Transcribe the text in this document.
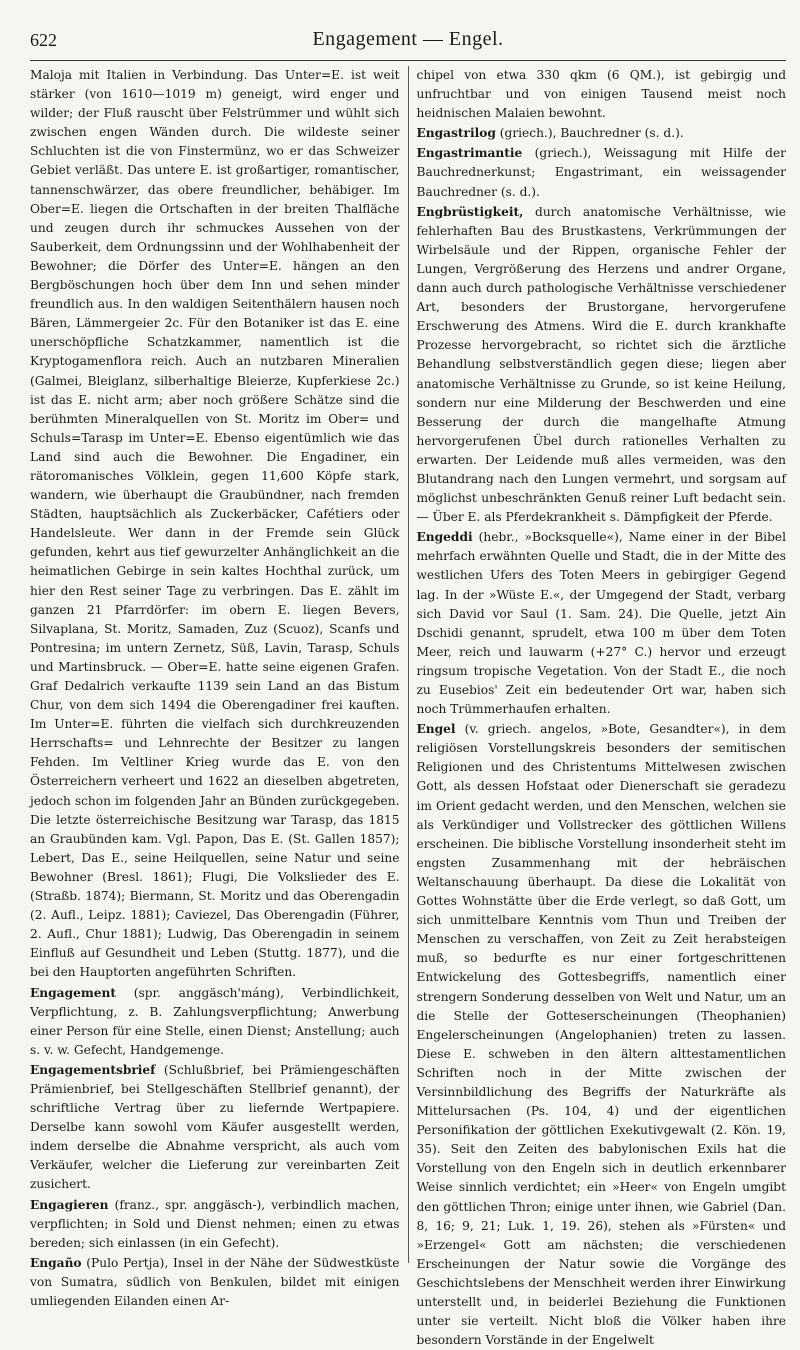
622	Engagement — Engel.

Maloja mit Italien in Verbindung. Das Unter=E. ist weit stärker (von 1610—1019 m) geneigt, wird enger und wilder; der Fluß rauscht über Felstrümmer und wühlt sich zwischen engen Wänden durch. Die wildeste seiner Schluchten ist die von Finstermünz, wo er das Schweizer Gebiet verläßt. Das untere E. ist großartiger, romantischer, tannenschwärzer, das obere freundlicher, behäbiger. Im Ober=E. liegen die Ortschaften in der breiten Thalfläche und zeugen durch ihr schmuckes Aussehen von der Sauberkeit, dem Ordnungssinn und der Wohlhabenheit der Bewohner; die Dörfer des Unter=E. hängen an den Bergböschungen hoch über dem Inn und sehen minder freundlich aus. In den waldigen Seitenthälern hausen noch Bären, Lämmergeier 2c. Für den Botaniker ist das E. eine unerschöpfliche Schatzkammer, namentlich ist die Kryptogamenflora reich. Auch an nutzbaren Mineralien (Galmei, Bleiglanz, silberhaltige Bleierze, Kupferkiese 2c.) ist das E. nicht arm; aber noch größere Schätze sind die berühmten Mineralquellen von St. Moritz im Ober= und Schuls=Tarasp im Unter=E. Ebenso eigentümlich wie das Land sind auch die Bewohner. Die Engadiner, ein rätoromanisches Völklein, gegen 11,600 Köpfe stark, wandern, wie überhaupt die Graubündner, nach fremden Städten, hauptsächlich als Zuckerbäcker, Cafétiers oder Handelsleute. Wer dann in der Fremde sein Glück gefunden, kehrt aus tief gewurzelter Anhänglichkeit an die heimatlichen Gebirge in sein kaltes Hochthal zurück, um hier den Rest seiner Tage zu verbringen. Das E. zählt im ganzen 21 Pfarrdörfer: im obern E. liegen Bevers, Silvaplana, St. Moritz, Samaden, Zuz (Scuoz), Scanfs und Pontresina; im untern Zernetz, Süß, Lavin, Tarasp, Schuls und Martinsbruck. — Ober=E. hatte seine eigenen Grafen. Graf Dedalrich verkaufte 1139 sein Land an das Bistum Chur, von dem sich 1494 die Oberengadiner frei kauften. Im Unter=E. führten die vielfach sich durchkreuzenden Herrschafts= und Lehnrechte der Besitzer zu langen Fehden. Im Veltliner Krieg wurde das E. von den Österreichern verheert und 1622 an dieselben abgetreten, jedoch schon im folgenden Jahr an Bünden zurückgegeben. Die letzte österreichische Besitzung war Tarasp, das 1815 an Graubünden kam. Vgl. Papon, Das E. (St. Gallen 1857); Lebert, Das E., seine Heilquellen, seine Natur und seine Bewohner (Bresl. 1861); Flugi, Die Volkslieder des E. (Straßb. 1874); Biermann, St. Moritz und das Oberengadin (2. Aufl., Leipz. 1881); Caviezel, Das Oberengadin (Führer, 2. Aufl., Chur 1881); Ludwig, Das Oberengadin in seinem Einfluß auf Gesundheit und Leben (Stuttg. 1877), und die bei den Hauptorten angeführten Schriften.

Engagement (spr. anggäsch'máng), Verbindlichkeit, Verpflichtung, z. B. Zahlungsverpflichtung; Anwerbung einer Person für eine Stelle, einen Dienst; Anstellung; auch s. v. w. Gefecht, Handgemenge.

Engagementsbrief (Schlußbrief, bei Prämiengeschäften Prämienbrief, bei Stellgeschäften Stellbrief genannt), der schriftliche Vertrag über zu liefernde Wertpapiere. Derselbe kann sowohl vom Käufer ausgestellt werden, indem derselbe die Abnahme verspricht, als auch vom Verkäufer, welcher die Lieferung zur vereinbarten Zeit zusichert.

Engagieren (franz., spr. anggäsch-), verbindlich machen, verpflichten; in Sold und Dienst nehmen; einen zu etwas bereden; sich einlassen (in ein Gefecht).

Engaño (Pulo Pertja), Insel in der Nähe der Südwestküste von Sumatra, südlich von Benkulen, bildet mit einigen umliegenden Eilanden einen Ar-

chipel von etwa 330 qkm (6 QM.), ist gebirgig und unfruchtbar und von einigen Tausend meist noch heidnischen Malaien bewohnt.

Engastrilog (griech.), Bauchredner (s. d.).

Engastrimantie (griech.), Weissagung mit Hilfe der Bauchrednerkunst; Engastrimant, ein weissagender Bauchredner (s. d.).

Engbrüstigkeit, durch anatomische Verhältnisse, wie fehlerhaften Bau des Brustkastens, Verkrümmungen der Wirbelsäule und der Rippen, organische Fehler der Lungen, Vergrößerung des Herzens und andrer Organe, dann auch durch pathologische Verhältnisse verschiedener Art, besonders der Brustorgane, hervorgerufene Erschwerung des Atmens. Wird die E. durch krankhafte Prozesse hervorgebracht, so richtet sich die ärztliche Behandlung selbstverständlich gegen diese; liegen aber anatomische Verhältnisse zu Grunde, so ist keine Heilung, sondern nur eine Milderung der Beschwerden und eine Besserung der durch die mangelhafte Atmung hervorgerufenen Übel durch rationelles Verhalten zu erwarten. Der Leidende muß alles vermeiden, was den Blutandrang nach den Lungen vermehrt, und sorgsam auf möglichst unbeschränkten Genuß reiner Luft bedacht sein. — Über E. als Pferdekrankheit s. Dämpfigkeit der Pferde.

Engeddi (hebr., »Bocksquelle«), Name einer in der Bibel mehrfach erwähnten Quelle und Stadt, die in der Mitte des westlichen Ufers des Toten Meers in gebirgiger Gegend lag. In der »Wüste E.«, der Umgegend der Stadt, verbarg sich David vor Saul (1. Sam. 24). Die Quelle, jetzt Ain Dschidi genannt, sprudelt, etwa 100 m über dem Toten Meer, reich und lauwarm (+27° C.) hervor und erzeugt ringsum tropische Vegetation. Von der Stadt E., die noch zu Eusebios' Zeit ein bedeutender Ort war, haben sich noch Trümmerhaufen erhalten.

Engel (v. griech. angelos, »Bote, Gesandter«), in dem religiösen Vorstellungskreis besonders der semitischen Religionen und des Christentums Mittelwesen zwischen Gott, als dessen Hofstaat oder Dienerschaft sie geradezu im Orient gedacht werden, und den Menschen, welchen sie als Verkündiger und Vollstrecker des göttlichen Willens erscheinen. Die biblische Vorstellung insonderheit steht im engsten Zusammenhang mit der hebräischen Weltanschauung überhaupt. Da diese die Lokalität von Gottes Wohnstätte über die Erde verlegt, so daß Gott, um sich unmittelbare Kenntnis vom Thun und Treiben der Menschen zu verschaffen, von Zeit zu Zeit herabsteigen muß, so bedurfte es nur einer fortgeschrittenen Entwickelung des Gottesbegriffs, namentlich einer strengern Sonderung desselben von Welt und Natur, um an die Stelle der Gotteserscheinungen (Theophanien) Engelerscheinungen (Angelophanien) treten zu lassen. Diese E. schweben in den ältern alttestamentlichen Schriften noch in der Mitte zwischen der Versinnbildlichung des Begriffs der Naturkräfte als Mittelursachen (Ps. 104, 4) und der eigentlichen Personifikation der göttlichen Exekutivgewalt (2. Kön. 19, 35). Seit den Zeiten des babylonischen Exils hat die Vorstellung von den Engeln sich in deutlich erkennbarer Weise sinnlich verdichtet; ein »Heer« von Engeln umgibt den göttlichen Thron; einige unter ihnen, wie Gabriel (Dan. 8, 16; 9, 21; Luk. 1, 19. 26), stehen als »Fürsten« und »Erzengel« Gott am nächsten; die verschiedenen Erscheinungen der Natur sowie die Vorgänge des Geschichtslebens der Menschheit werden ihrer Einwirkung unterstellt und, in beiderlei Beziehung die Funktionen unter sie verteilt. Nicht bloß die Völker haben ihre besondern Vorstände in der Engelwelt
